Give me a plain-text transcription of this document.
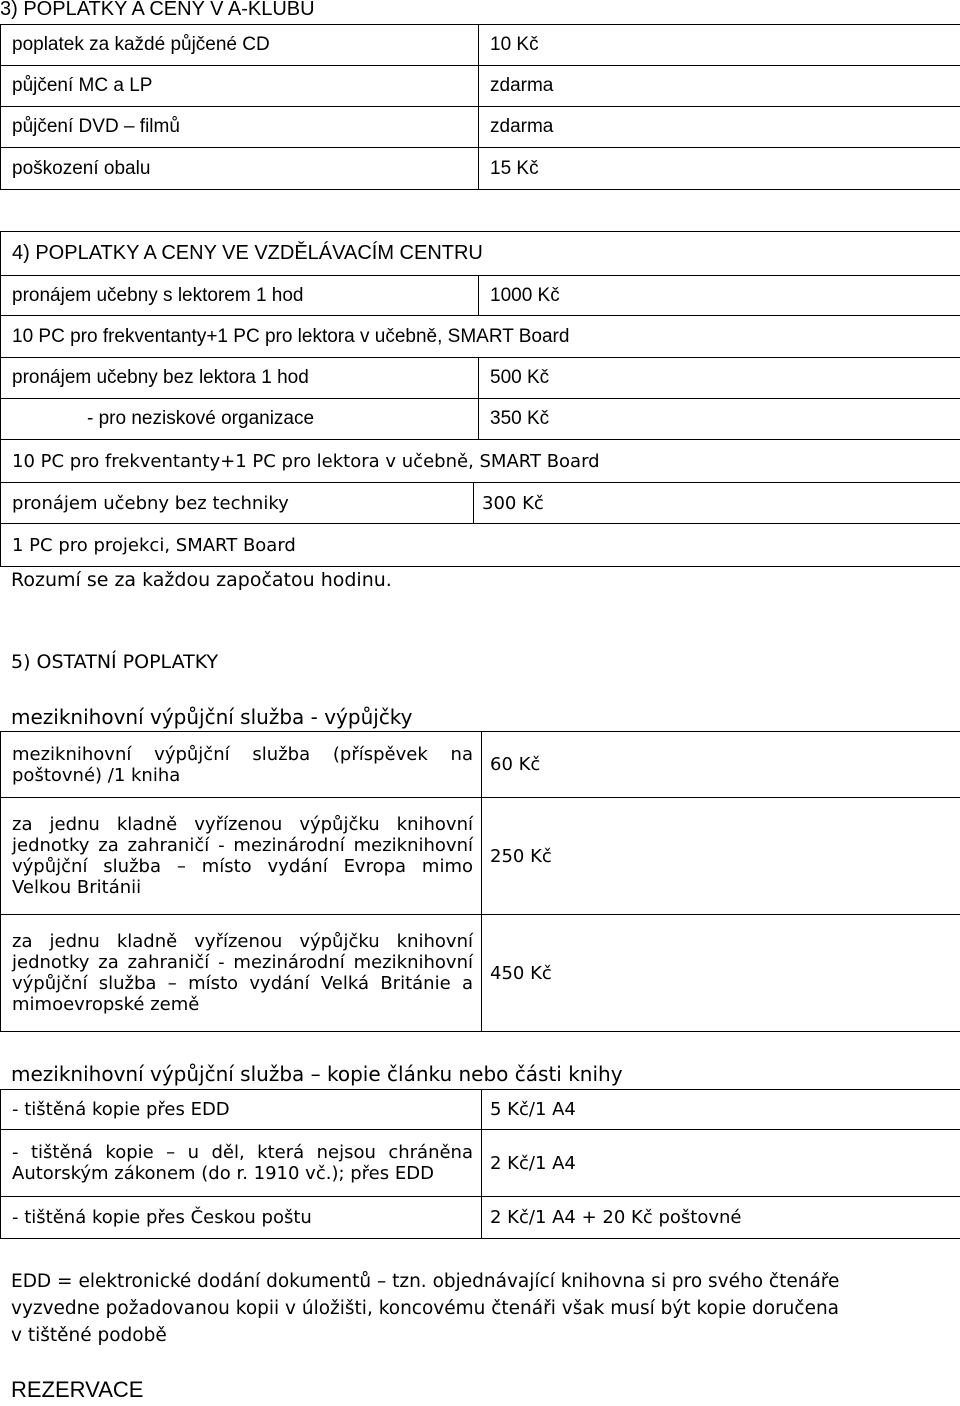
3) POPLATKY A CENY V A-KLUBU
poplatek za každé půjčené CD	10 Kč
půjčení MC a LP	zdarma
půjčení DVD – filmů	zdarma
poškození obalu	15 Kč
4) POPLATKY A CENY VE VZDĚLÁVACÍM CENTRU	
pronájem učebny s lektorem 1 hod	1000 Kč
10 PC pro frekventanty+1 PC pro lektora v učebně, SMART Board	
pronájem učebny bez lektora 1 hod	500 Kč
- pro neziskové organizace	350 Kč
10 PC pro frekventanty+1 PC pro lektora v učebně, SMART Board
pronájem učebny bez techniky	300 Kč
1 PC pro projekci, SMART Board
Rozumí se za každou započatou hodinu.
5) OSTATNÍ POPLATKY
meziknihovní výpůjční služba - výpůjčky
meziknihovní výpůjční služba (příspěvek na
poštovné) /1 kniha	60 Kč

za jednu kladně vyřízenou výpůjčku knihovní
jednotky za zahraničí - mezinárodní meziknihovní
výpůjční služba – místo vydání Evropa mimo
Velkou Británii	250 Kč

za jednu kladně vyřízenou výpůjčku knihovní
jednotky za zahraničí - mezinárodní meziknihovní
výpůjční služba – místo vydání Velká Británie a
mimoevropské země	450 Kč
meziknihovní výpůjční služba – kopie článku nebo části knihy
- tištěná kopie přes EDD	5 Kč/1 A4

- tištěná kopie – u děl, která nejsou chráněna
Autorským zákonem (do r. 1910 vč.); přes EDD	2 Kč/1 A4

- tištěná kopie přes Českou poštu	2 Kč/1 A4 + 20 Kč poštovné
EDD = elektronické dodání dokumentů – tzn. objednávající knihovna si pro svého čtenáře
vyzvedne požadovanou kopii v úložišti, koncovému čtenáři však musí být kopie doručena
v tištěné podobě
REZERVACE
